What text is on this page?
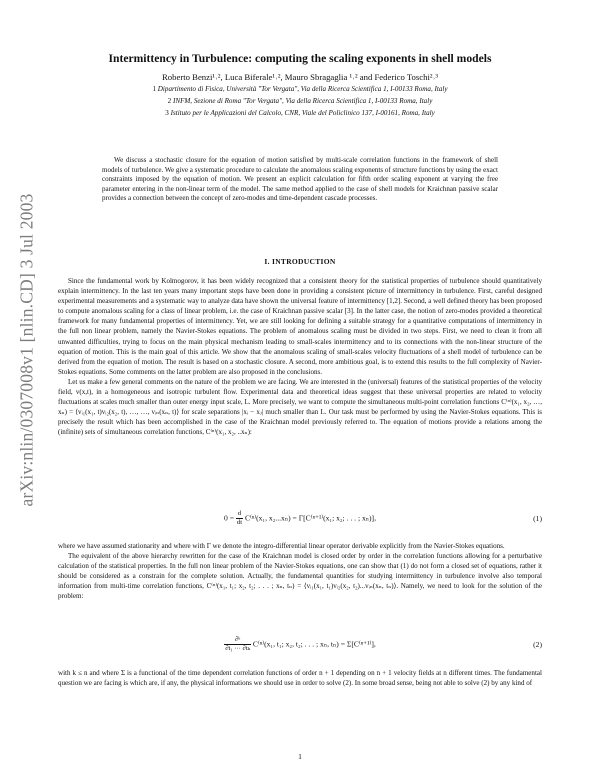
arXiv:nlin/0307008v1 [nlin.CD] 3 Jul 2003
Intermittency in Turbulence: computing the scaling exponents in shell models
Roberto Benzi¹˒², Luca Biferale¹˒², Mauro Sbragaglia ¹˒² and Federico Toschi²˒³
1 Dipartimento di Fisica, Università "Tor Vergata", Via della Ricerca Scientifica 1, I-00133 Roma, Italy
2 INFM, Sezione di Roma "Tor Vergata", Via della Ricerca Scientifica 1, I-00133 Roma, Italy
3 Istituto per le Applicazioni del Calcolo, CNR, Viale del Policlinico 137, I-00161, Roma, Italy
We discuss a stochastic closure for the equation of motion satisfied by multi-scale correlation functions in the framework of shell models of turbulence. We give a systematic procedure to calculate the anomalous scaling exponents of structure functions by using the exact constraints imposed by the equation of motion. We present an explicit calculation for fifth order scaling exponent at varying the free parameter entering in the non-linear term of the model. The same method applied to the case of shell models for Kraichnan passive scalar provides a connection between the concept of zero-modes and time-dependent cascade processes.
I. INTRODUCTION

Since the fundamental work by Kolmogorov, it has been widely recognized that a consistent theory for the statistical properties of turbulence should quantitatively explain intermittency. In the last ten years many important steps have been done in providing a consistent picture of intermittency in turbulence. First, careful designed experimental measurements and a systematic way to analyze data have shown the universal feature of intermittency [1,2]. Second, a well defined theory has been proposed to compute anomalous scaling for a class of linear problem, i.e. the case of Kraichnan passive scalar [3]. In the latter case, the notion of zero-modes provided a theoretical framework for many fundamental properties of intermittency. Yet, we are still looking for defining a suitable strategy for a quantitative computations of intermittency in the full non linear problem, namely the Navier-Stokes equations. The problem of anomalous scaling must be divided in two steps. First, we need to clean it from all unwanted difficulties, trying to focus on the main physical mechanism leading to small-scales intermittency and to its connections with the non-linear structure of the equation of motion. This is the main goal of this article. We show that the anomalous scaling of small-scales velocity fluctuations of a shell model of turbulence can be derived from the equation of motion. The result is based on a stochastic closure. A second, more ambitious goal, is to extend this results to the full complexity of Navier-Stokes equations. Some comments on the latter problem are also proposed in the conclusions.

Let us make a few general comments on the nature of the problem we are facing. We are interested in the (universal) features of the statistical properties of the velocity field, v(x,t), in a homogeneous and isotropic turbulent flow. Experimental data and theoretical ideas suggest that these universal properties are related to velocity fluctuations at scales much smaller than outer energy input scale, L. More precisely, we want to compute the simultaneous multi-point correlation functions C⁽ⁿ⁾(x₁, x₂, …, xₙ) = ⟨vᵢ₁(x₁, t)vᵢ₂(x₂, t), …, …, vᵢₙ(xₙ, t)⟩ for scale separations |xᵢ − xⱼ| much smaller than L. Our task must be performed by using the Navier-Stokes equations. This is precisely the result which has been accomplished in the case of the Kraichnan model previously referred to. The equation of motions provide a relations among the (infinite) sets of simultaneous correlation functions, C⁽ⁿ⁾(x₁, x₂, ..xₙ):

$0 = \frac{d}{dt} C^{(n)}(x_1$, x₂...xₙ) = Γ[C⁽ⁿ⁺¹⁾(x₁; x₂; . . . ; xₙ)],	(1)

where we have assumed stationarity and where with Γ we denote the integro-differential linear operator derivable explicitly from the Navier-Stokes equations.

The equivalent of the above hierarchy rewritten for the case of the Kraichnan model is closed order by order in the correlation functions allowing for a perturbative calculation of the statistical properties. In the full non linear problem of the Navier-Stokes equations, one can show that (1) do not form a closed set of equations, rather it should be considered as a constrain for the complete solution. Actually, the fundamental quantities for studying intermittency in turbulence involve also temporal information from multi-time correlation functions, C⁽ⁿ⁾(x₁, t₁; x₂, t₂; . . . ; xₙ, tₙ) = ⟨vᵢ₁(x₁, t₁)vᵢ₂(x₂, t₂)...vᵢₙ(xₙ, tₙ)⟩. Namely, we need to look for the solution of the problem:

$\frac{\text{∂ᵏ}}{\text{∂t₁ ··· ∂tₖ}} C^{(n)}(x_1$, t₁; x₂, t₂; . . . ; xₙ, tₙ) = Σ[C⁽ⁿ⁺¹⁾],	(2)

with k ≤ n and where Σ is a functional of the time dependent correlation functions of order n + 1 depending on n + 1 velocity fields at n different times. The fundamental question we are facing is which are, if any, the physical informations we should use in order to solve (2). In some broad sense, being not able to solve (2) by any kind of

1
